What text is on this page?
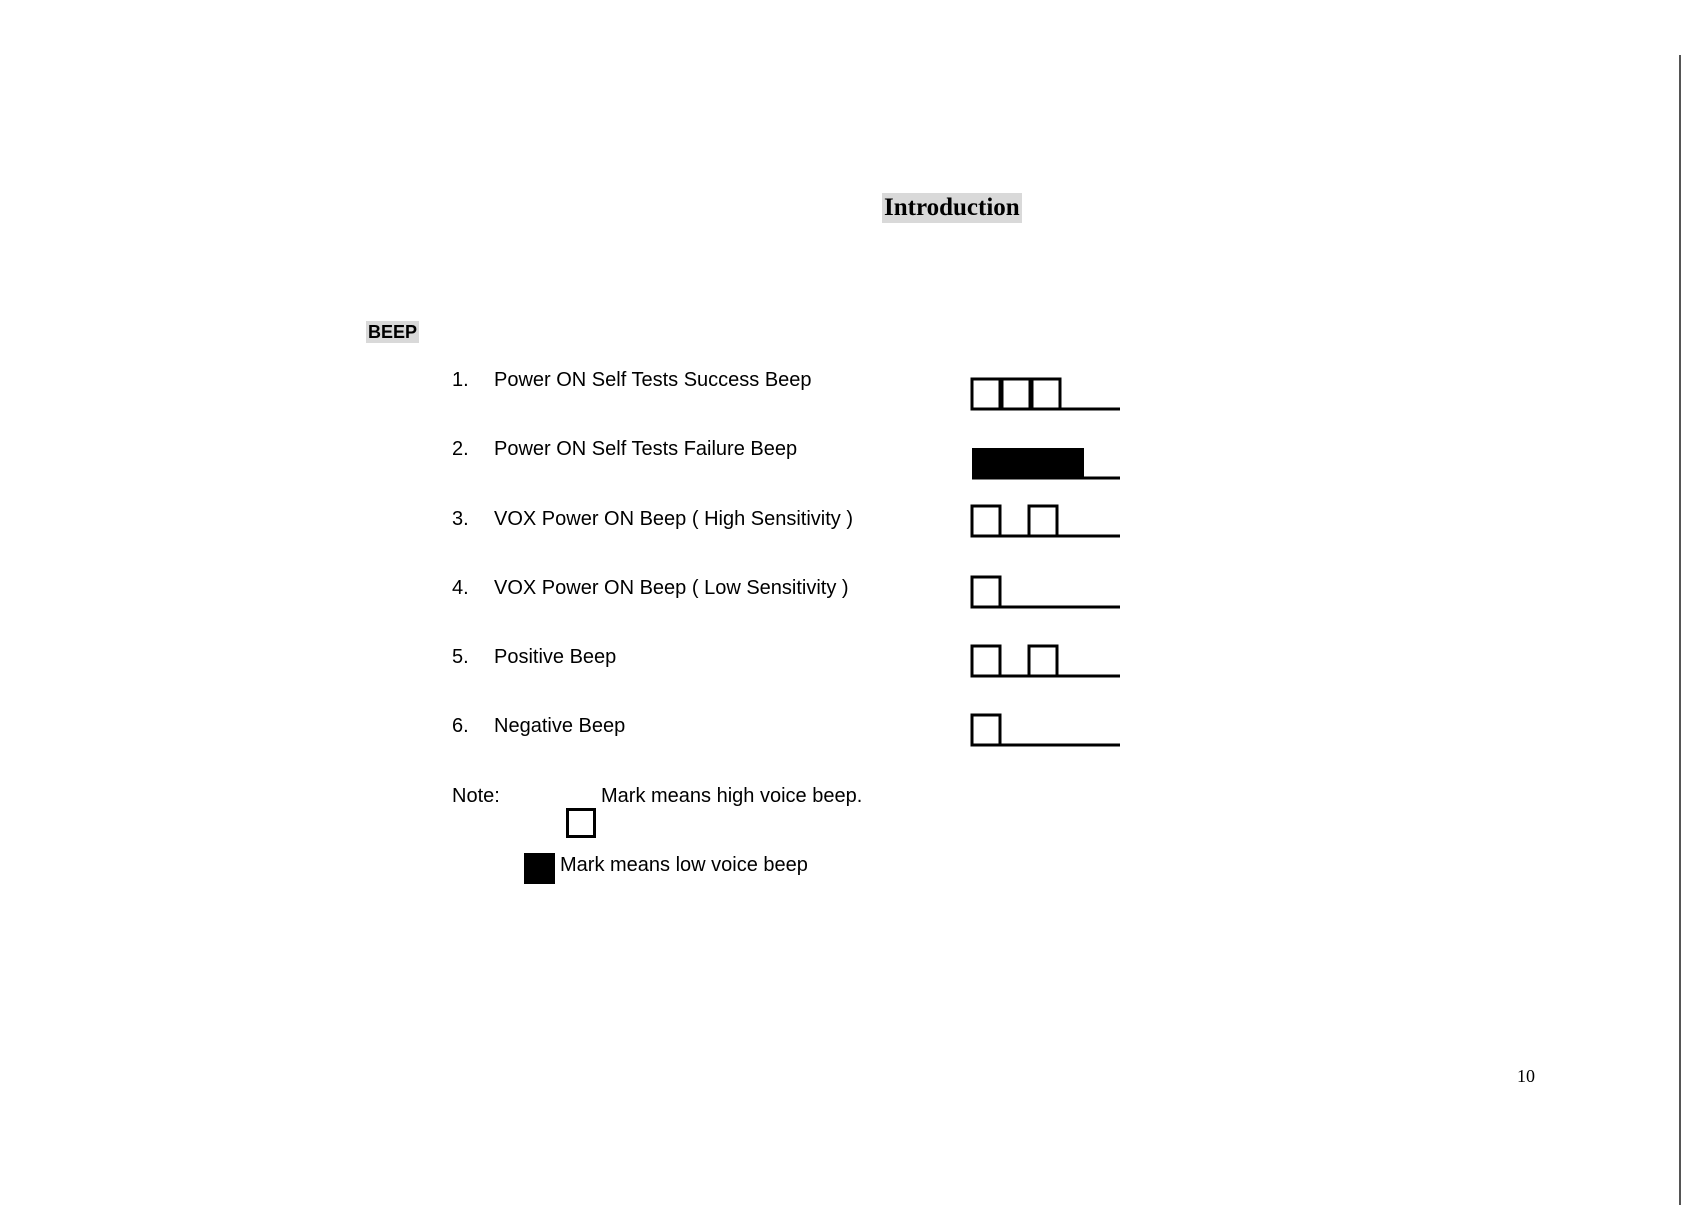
Introduction
BEEP
1. Power ON Self Tests Success Beep
2. Power ON Self Tests Failure Beep
3. VOX Power ON Beep ( High Sensitivity )
4. VOX Power ON Beep ( Low Sensitivity )
5. Positive Beep
6. Negative Beep
Note:	Mark means high voice beep.
Mark means low voice beep
10
